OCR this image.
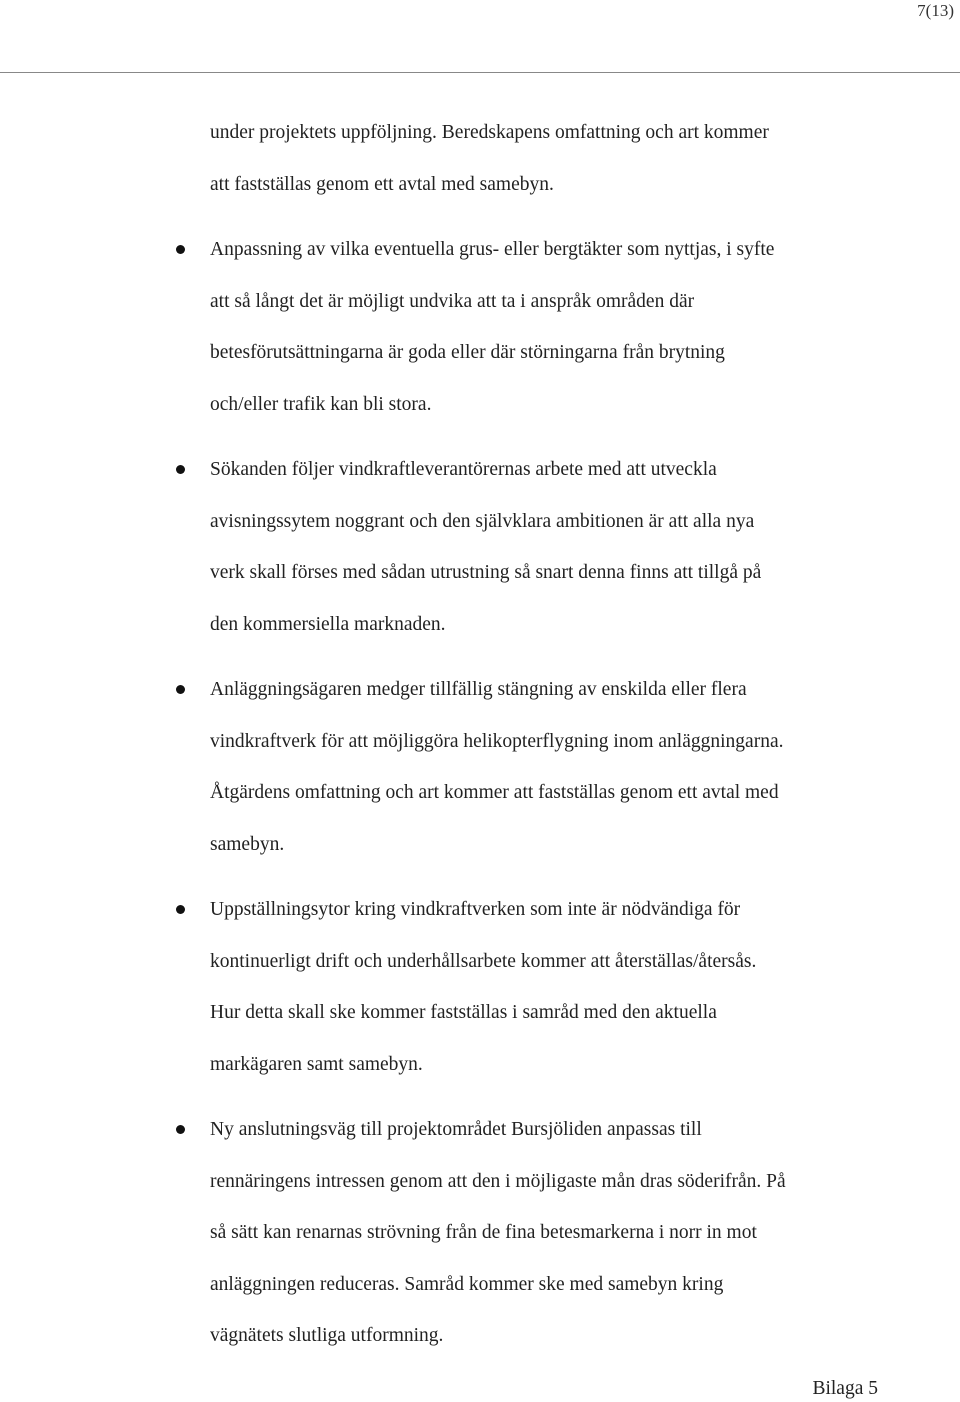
7(13)

under projektets uppföljning. Beredskapens omfattning och art kommer
att fastställas genom ett avtal med samebyn.

Anpassning av vilka eventuella grus- eller bergtäkter som nyttjas, i syfte
att så långt det är möjligt undvika att ta i anspråk områden där
betesförutsättningarna är goda eller där störningarna från brytning
och/eller trafik kan bli stora.

Sökanden följer vindkraftleverantörernas arbete med att utveckla
avisningssytem noggrant och den självklara ambitionen är att alla nya
verk skall förses med sådan utrustning så snart denna finns att tillgå på
den kommersiella marknaden.

Anläggningsägaren medger tillfällig stängning av enskilda eller flera
vindkraftverk för att möjliggöra helikopterflygning inom anläggningarna.
Åtgärdens omfattning och art kommer att fastställas genom ett avtal med
samebyn.

Uppställningsytor kring vindkraftverken som inte är nödvändiga för
kontinuerligt drift och underhållsarbete kommer att återställas/återsås.
Hur detta skall ske kommer fastställas i samråd med den aktuella
markägaren samt samebyn.

Ny anslutningsväg till projektområdet Bursjöliden anpassas till
rennäringens intressen genom att den i möjligaste mån dras söderifrån. På
så sätt kan renarnas strövning från de fina betesmarkerna i norr in mot
anläggningen reduceras. Samråd kommer ske med samebyn kring
vägnätets slutliga utformning.

Bilaga 5
